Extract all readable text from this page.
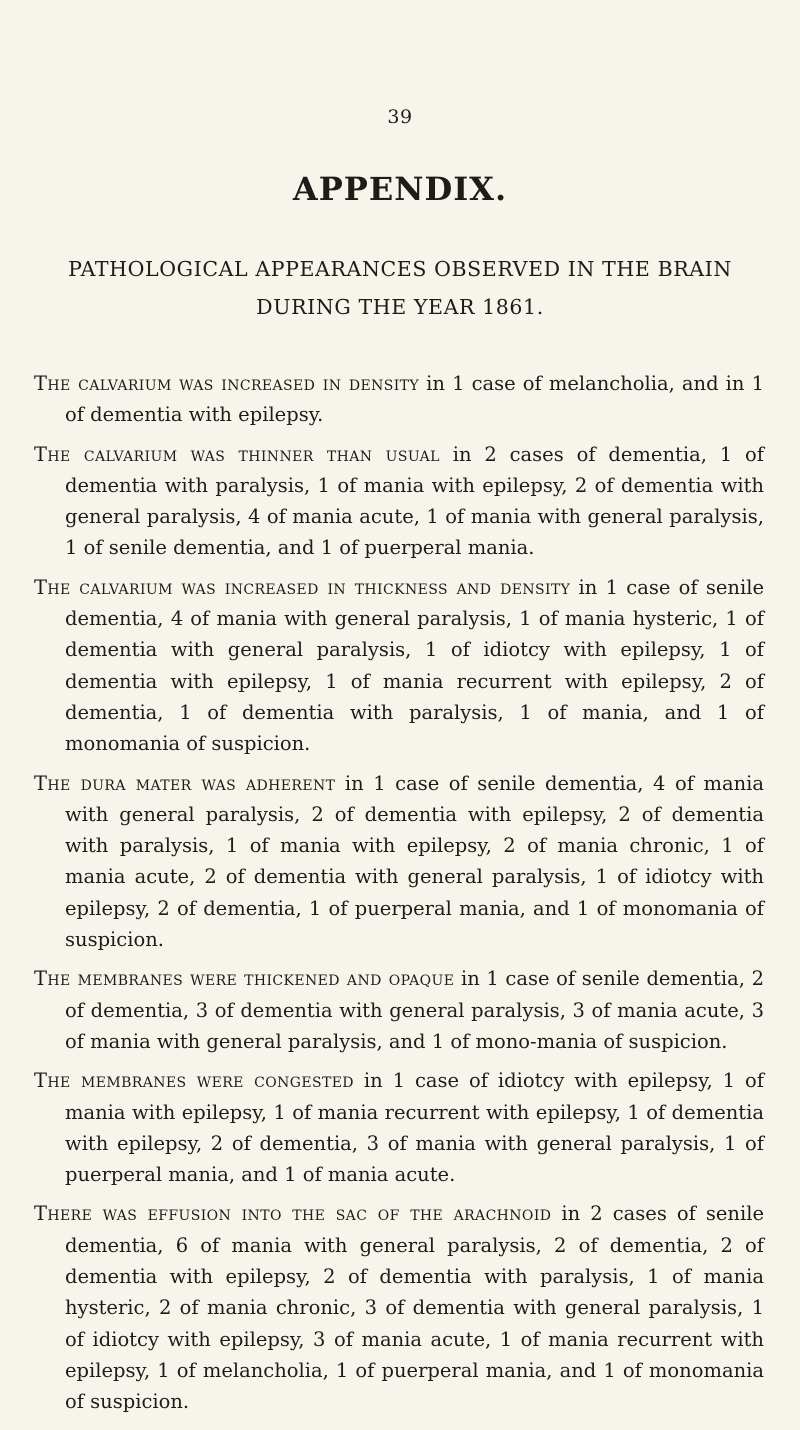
39
APPENDIX.
PATHOLOGICAL APPEARANCES OBSERVED IN THE BRAIN DURING THE YEAR 1861.

The calvarium was increased in density in 1 case of melancholia, and in 1 of dementia with epilepsy.

The calvarium was thinner than usual in 2 cases of dementia, 1 of dementia with paralysis, 1 of mania with epilepsy, 2 of dementia with general paralysis, 4 of mania acute, 1 of mania with general paralysis, 1 of senile dementia, and 1 of puerperal mania.

The calvarium was increased in thickness and density in 1 case of senile dementia, 4 of mania with general paralysis, 1 of mania hysteric, 1 of dementia with general paralysis, 1 of idiotcy with epilepsy, 1 of dementia with epilepsy, 1 of mania recurrent with epilepsy, 2 of dementia, 1 of dementia with paralysis, 1 of mania, and 1 of monomania of suspicion.

The dura mater was adherent in 1 case of senile dementia, 4 of mania with general paralysis, 2 of dementia with epilepsy, 2 of dementia with paralysis, 1 of mania with epilepsy, 2 of mania chronic, 1 of mania acute, 2 of dementia with general paralysis, 1 of idiotcy with epilepsy, 2 of dementia, 1 of puerperal mania, and 1 of monomania of suspicion.

The membranes were thickened and opaque in 1 case of senile dementia, 2 of dementia, 3 of dementia with general paralysis, 3 of mania acute, 3 of mania with general paralysis, and 1 of mono-mania of suspicion.

The membranes were congested in 1 case of idiotcy with epilepsy, 1 of mania with epilepsy, 1 of mania recurrent with epilepsy, 1 of dementia with epilepsy, 2 of dementia, 3 of mania with general paralysis, 1 of puerperal mania, and 1 of mania acute.

There was effusion into the sac of the arachnoid in 2 cases of senile dementia, 6 of mania with general paralysis, 2 of dementia, 2 of dementia with epilepsy, 2 of dementia with paralysis, 1 of mania hysteric, 2 of mania chronic, 3 of dementia with general paralysis, 1 of idiotcy with epilepsy, 3 of mania acute, 1 of mania recurrent with epilepsy, 1 of melancholia, 1 of puerperal mania, and 1 of monomania of suspicion.
